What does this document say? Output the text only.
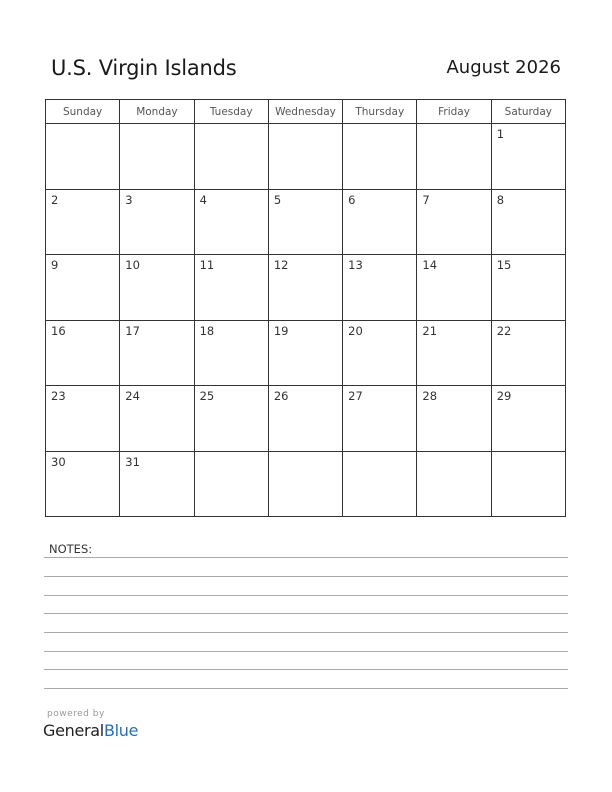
U.S. Virgin Islands	August 2026
Sunday	Monday	Tuesday	Wednesday	Thursday	Friday	Saturday
						1
2	3	4	5	6	7	8
9	10	11	12	13	14	15
16	17	18	19	20	21	22
23	24	25	26	27	28	29
30	31					
NOTES:
powered by
GeneralBlue
